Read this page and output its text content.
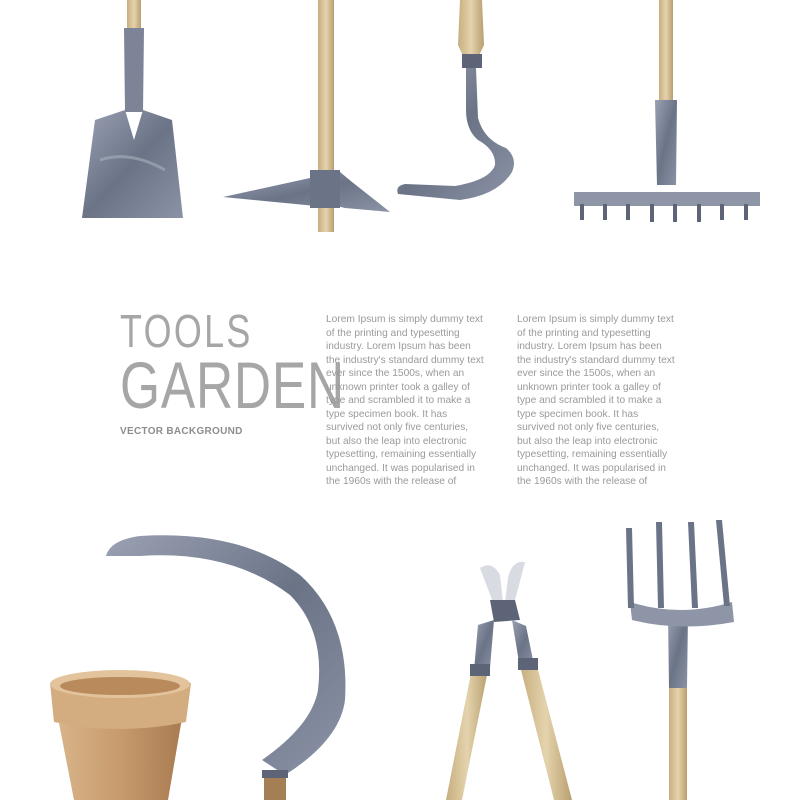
TOOLS
GARDEN
VECTOR BACKGROUND
Lorem Ipsum is simply dummy text of the printing and typesetting industry. Lorem Ipsum has been the industry's standard dummy text ever since the 1500s, when an unknown printer took a galley of type and scrambled it to make a type specimen book. It has survived not only five centuries, but also the leap into electronic typesetting, remaining essentially unchanged. It was popularised in the 1960s with the release of
Lorem Ipsum is simply dummy text of the printing and typesetting industry. Lorem Ipsum has been the industry's standard dummy text ever since the 1500s, when an unknown printer took a galley of type and scrambled it to make a type specimen book. It has survived not only five centuries, but also the leap into electronic typesetting, remaining essentially unchanged. It was popularised in the 1960s with the release of
